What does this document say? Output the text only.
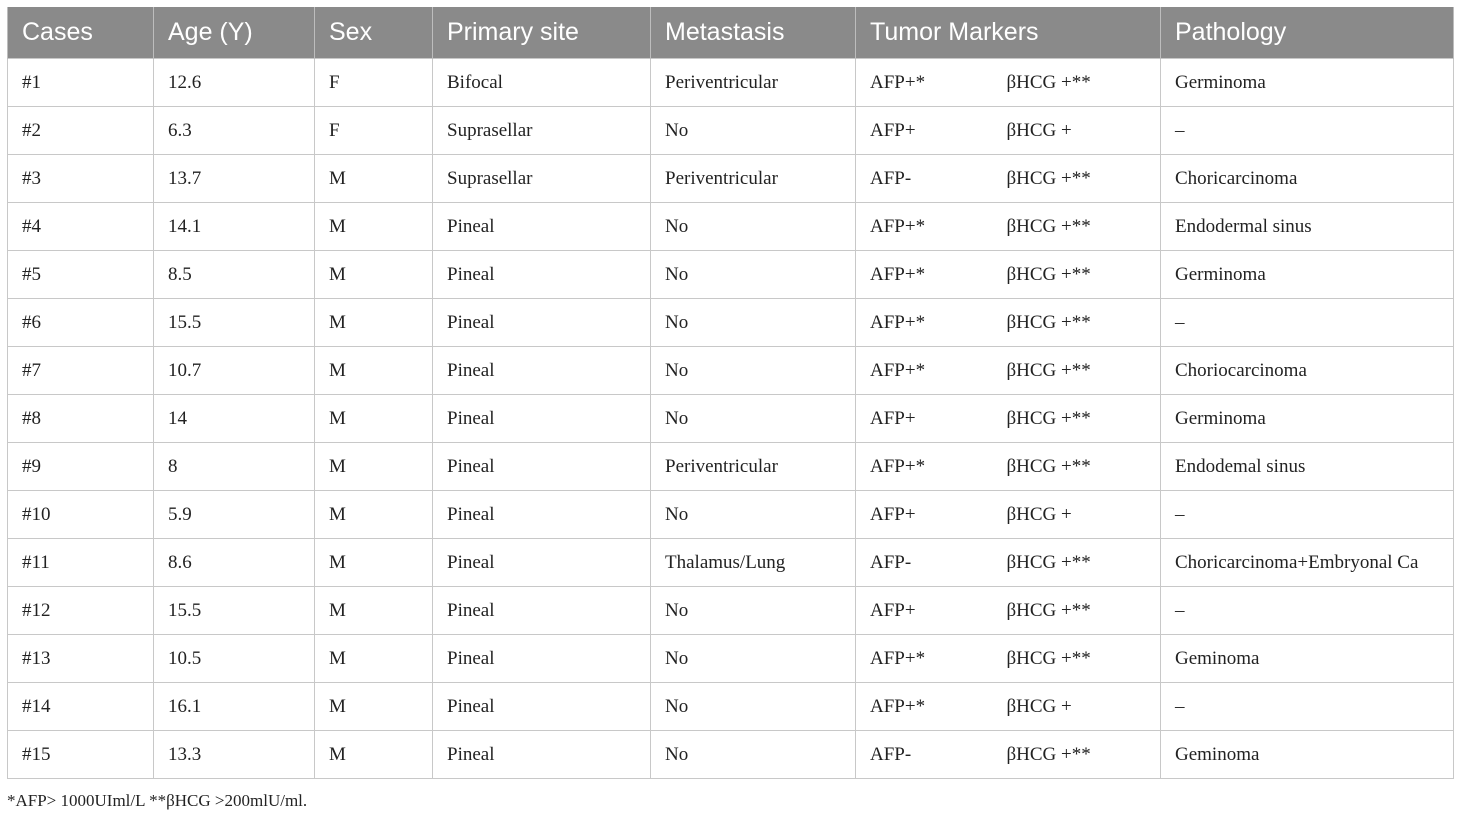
Cases	Age (Y)	Sex	Primary site	Metastasis	Tumor Markers		Pathology
#1	12.6	F	Bifocal	Periventricular	AFP+*	βHCG +**	Germinoma
#2	6.3	F	Suprasellar	No	AFP+	βHCG +	–
#3	13.7	M	Suprasellar	Periventricular	AFP-	βHCG +**	Choricarcinoma
#4	14.1	M	Pineal	No	AFP+*	βHCG +**	Endodermal sinus
#5	8.5	M	Pineal	No	AFP+*	βHCG +**	Germinoma
#6	15.5	M	Pineal	No	AFP+*	βHCG +**	–
#7	10.7	M	Pineal	No	AFP+*	βHCG +**	Choriocarcinoma
#8	14	M	Pineal	No	AFP+	βHCG +**	Germinoma
#9	8	M	Pineal	Periventricular	AFP+*	βHCG +**	Endodemal sinus
#10	5.9	M	Pineal	No	AFP+	βHCG +	–
#11	8.6	M	Pineal	Thalamus/Lung	AFP-	βHCG +**	Choricarcinoma+Embryonal Ca
#12	15.5	M	Pineal	No	AFP+	βHCG +**	–
#13	10.5	M	Pineal	No	AFP+*	βHCG +**	Geminoma
#14	16.1	M	Pineal	No	AFP+*	βHCG +	–
#15	13.3	M	Pineal	No	AFP-	βHCG +**	Geminoma
*AFP> 1000UIml/L **βHCG >200mlU/ml.
